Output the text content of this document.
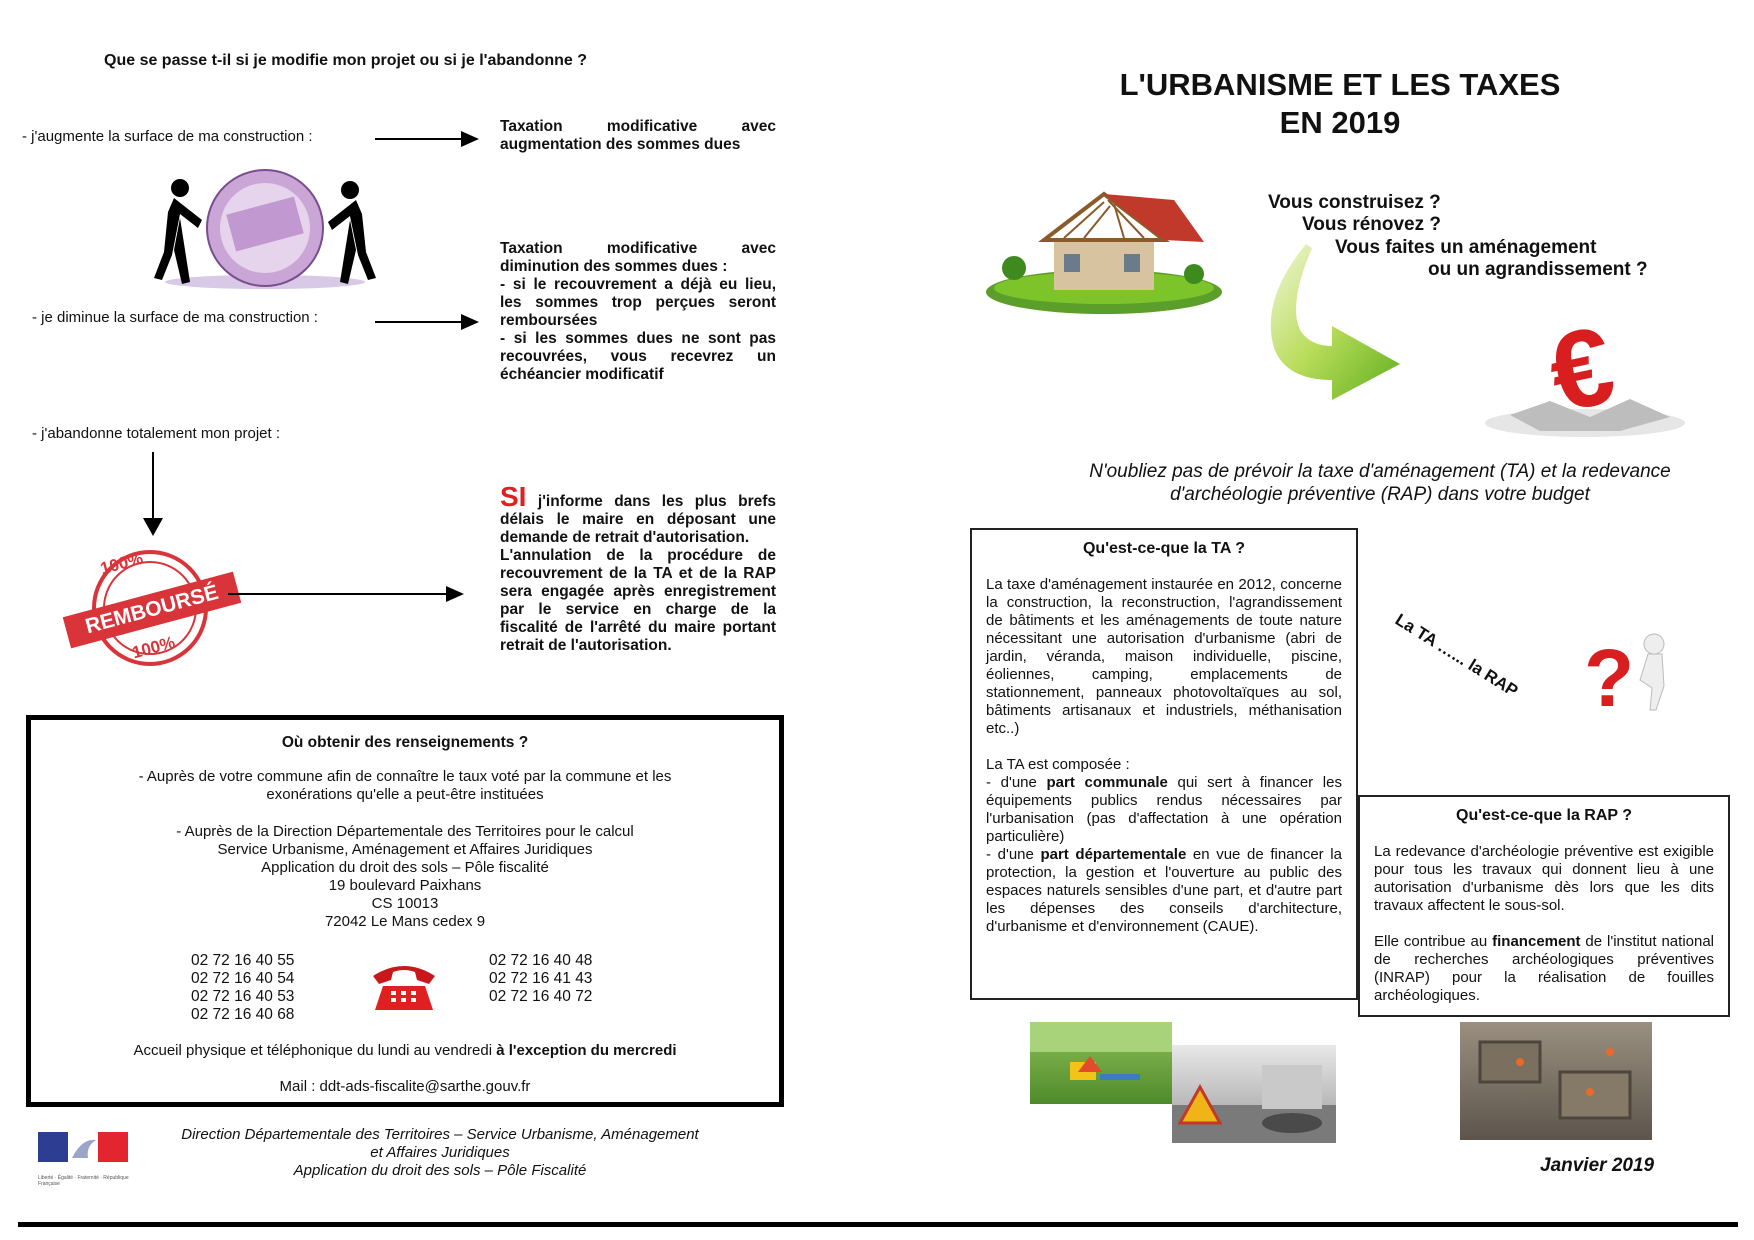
Que se passe t-il si je modifie mon projet ou si je l'abandonne ?
- j'augmente la surface de ma construction :
Taxation modificative avec augmentation des sommes dues
- je diminue la surface de ma construction :
Taxation modificative avec diminution des sommes dues :
- si le recouvrement a déjà eu lieu, les sommes trop perçues seront remboursées
- si les sommes dues ne sont pas recouvrées, vous recevrez un échéancier modificatif
- j'abandonne totalement mon projet :
100%
REMBOURSÉ
100%
SI j'informe dans les plus brefs délais le maire en déposant une demande de retrait d'autorisation.
L'annulation de la procédure de recouvrement de la TA et de la RAP sera engagée après enregistrement par le service en charge de la fiscalité de l'arrêté du maire portant retrait de l'autorisation.
Où obtenir des renseignements ?
- Auprès de votre commune afin de connaître le taux voté par la commune et les
exonérations qu'elle a peut-être instituées
- Auprès de la Direction Départementale des Territoires pour le calcul
Service Urbanisme, Aménagement et Affaires Juridiques
Application du droit des sols – Pôle fiscalité
19 boulevard Paixhans
CS 10013
72042 Le Mans cedex 9
02 72 16 40 55
02 72 16 40 54
02 72 16 40 53
02 72 16 40 68
02 72 16 40 48
02 72 16 41 43
02 72 16 40 72
Accueil physique et téléphonique du lundi au vendredi à l'exception du mercredi
Mail : ddt-ads-fiscalite@sarthe.gouv.fr
Liberté · Égalité · Fraternité · République Française
Direction Départementale des Territoires – Service Urbanisme, Aménagement
et Affaires Juridiques
Application du droit des sols – Pôle Fiscalité
L'URBANISME ET LES TAXES
EN 2019
Vous construisez ?
Vous rénovez ?
Vous faites un aménagement
ou un agrandissement ?
€
N'oubliez pas de prévoir la taxe d'aménagement (TA) et la redevance
d'archéologie préventive (RAP) dans votre budget
Qu'est-ce-que la TA ?
La taxe d'aménagement instaurée en 2012, concerne la construction, la reconstruction, l'agrandissement de bâtiments et les aménagements de toute nature nécessitant une autorisation d'urbanisme (abri de jardin, véranda, maison individuelle, piscine, éoliennes, camping, emplacements de stationnement, panneaux photovoltaïques au sol, bâtiments artisanaux et industriels, méthanisation etc..)
La TA est composée :
- d'une part communale qui sert à financer les équipements publics rendus nécessaires par l'urbanisation (pas d'affectation à une opération particulière)
- d'une part départementale en vue de financer la protection, la gestion et l'ouverture au public des espaces naturels sensibles d'une part, et d'autre part les dépenses des conseils d'architecture, d'urbanisme et d'environnement (CAUE).
La TA …... la RAP ?
Qu'est-ce-que la RAP ?
La redevance d'archéologie préventive est exigible pour tous les travaux qui donnent lieu à une autorisation d'urbanisme dès lors que les dits travaux affectent le sous-sol.
Elle contribue au financement de l'institut national de recherches archéologiques préventives (INRAP) pour la réalisation de fouilles archéologiques.
Janvier 2019
